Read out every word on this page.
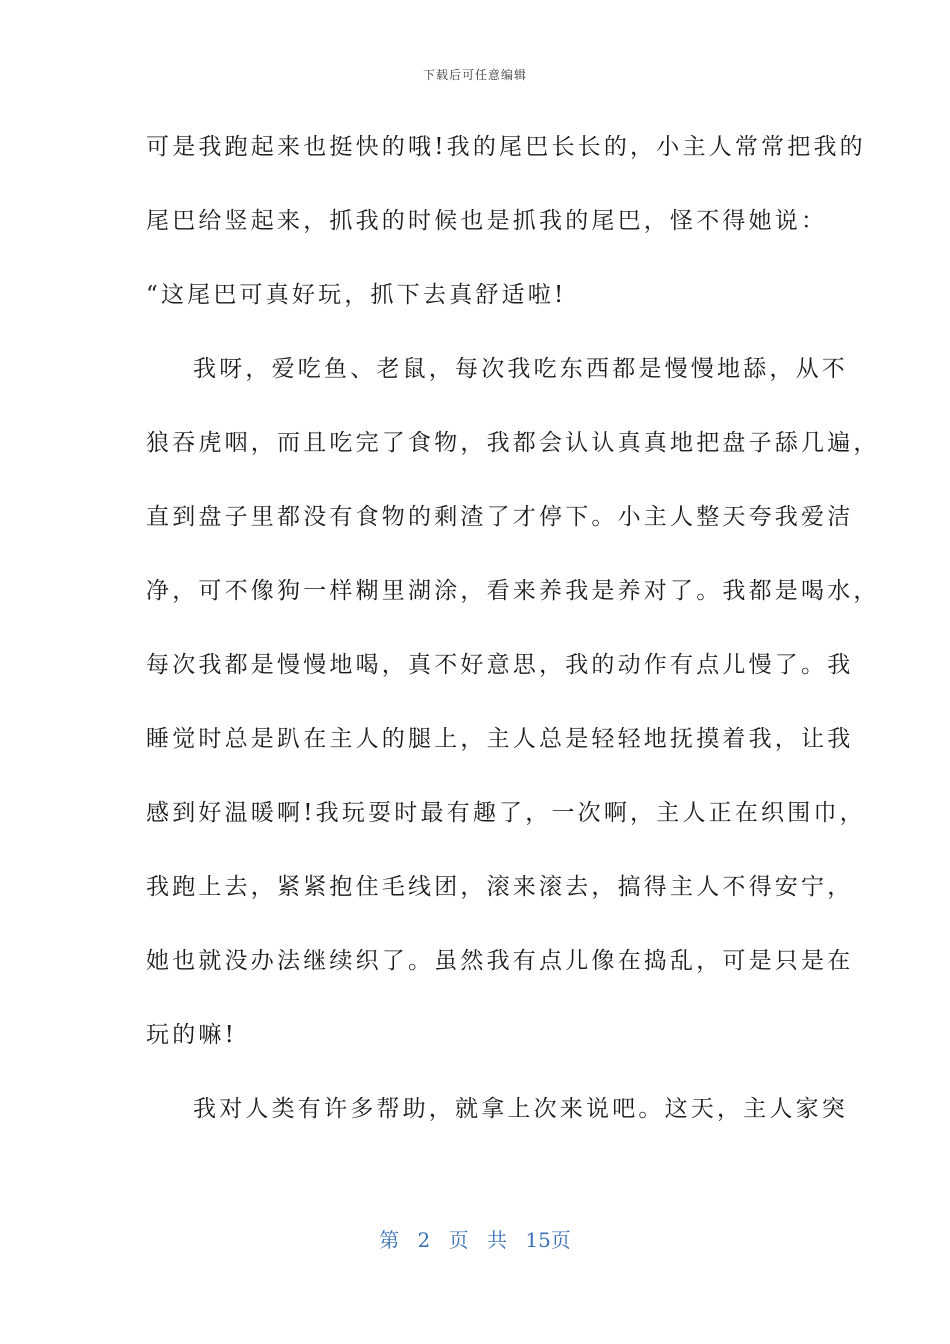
下载后可任意编辑
可是我跑起来也挺快的哦!我的尾巴长长的，小主人常常把我的
尾巴给竖起来，抓我的时候也是抓我的尾巴，怪不得她说：
“这尾巴可真好玩，抓下去真舒适啦!
我呀，爱吃鱼、老鼠，每次我吃东西都是慢慢地舔，从不
狼吞虎咽，而且吃完了食物，我都会认认真真地把盘子舔几遍，
直到盘子里都没有食物的剩渣了才停下。小主人整天夸我爱洁
净，可不像狗一样糊里湖涂，看来养我是养对了。我都是喝水，
每次我都是慢慢地喝，真不好意思，我的动作有点儿慢了。我
睡觉时总是趴在主人的腿上，主人总是轻轻地抚摸着我，让我
感到好温暖啊!我玩耍时最有趣了，一次啊，主人正在织围巾，
我跑上去，紧紧抱住毛线团，滚来滚去，搞得主人不得安宁，
她也就没办法继续织了。虽然我有点儿像在捣乱，可是只是在
玩的嘛!
我对人类有许多帮助，就拿上次来说吧。这天，主人家突
第 2 页 共 15页
